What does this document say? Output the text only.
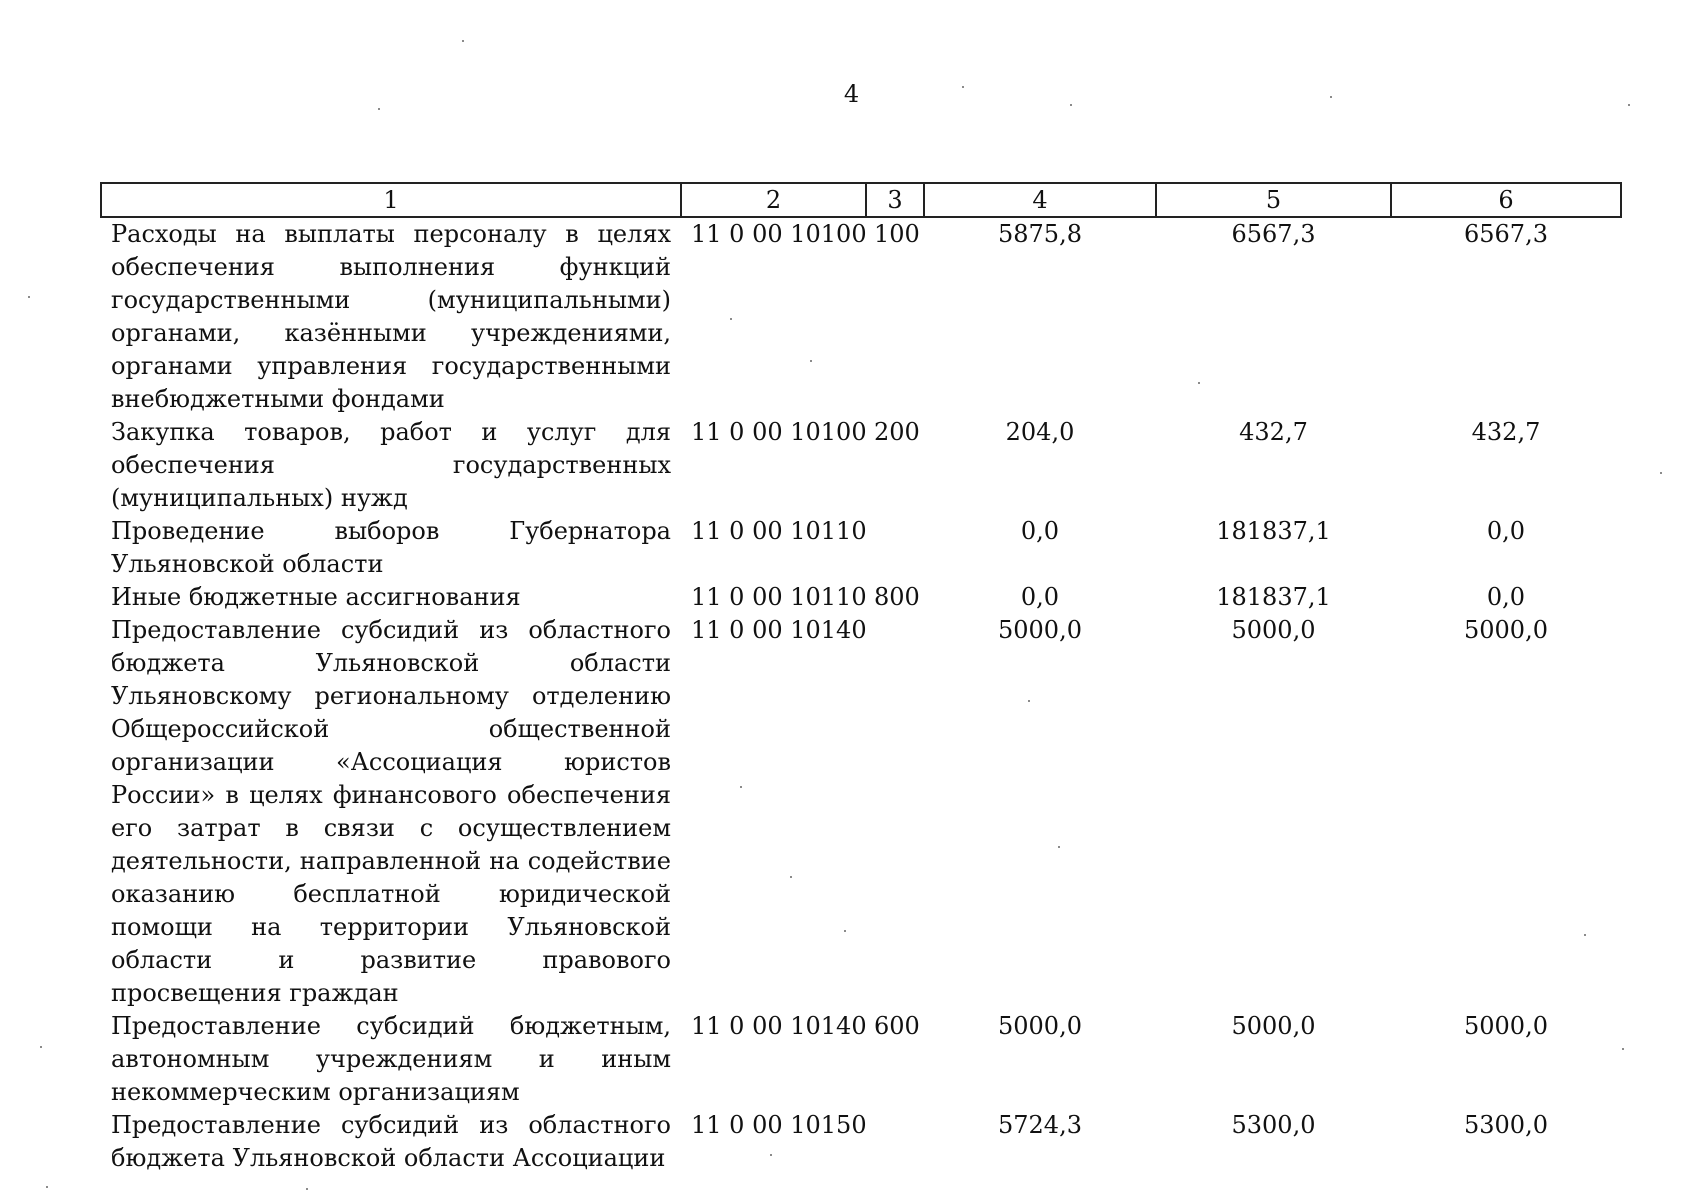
4
1	2	3	4	5	6
Расходы на выплаты персоналу в целях обеспечения выполнения функций государственными (муниципальными) органами, казёнными учреждениями, органами управления государственными внебюджетными фондами	11 0 00 10100	100	5875,8	6567,3	6567,3
Закупка товаров, работ и услуг для обеспечения государственных (муниципальных) нужд	11 0 00 10100	200	204,0	432,7	432,7
Проведение выборов Губернатора Ульяновской области	11 0 00 10110		0,0	181837,1	0,0
Иные бюджетные ассигнования	11 0 00 10110	800	0,0	181837,1	0,0
Предоставление субсидий из областного бюджета Ульяновской области Ульяновскому региональному отделению Общероссийской общественной организации «Ассоциация юристов России» в целях финансового обеспечения его затрат в связи с осуществлением деятельности, направленной на содействие оказанию бесплатной юридической помощи на территории Ульяновской области и развитие правового просвещения граждан	11 0 00 10140		5000,0	5000,0	5000,0
Предоставление субсидий бюджетным, автономным учреждениям и иным некоммерческим организациям	11 0 00 10140	600	5000,0	5000,0	5000,0
Предоставление субсидий из областного бюджета Ульяновской области Ассоциации	11 0 00 10150		5724,3	5300,0	5300,0
